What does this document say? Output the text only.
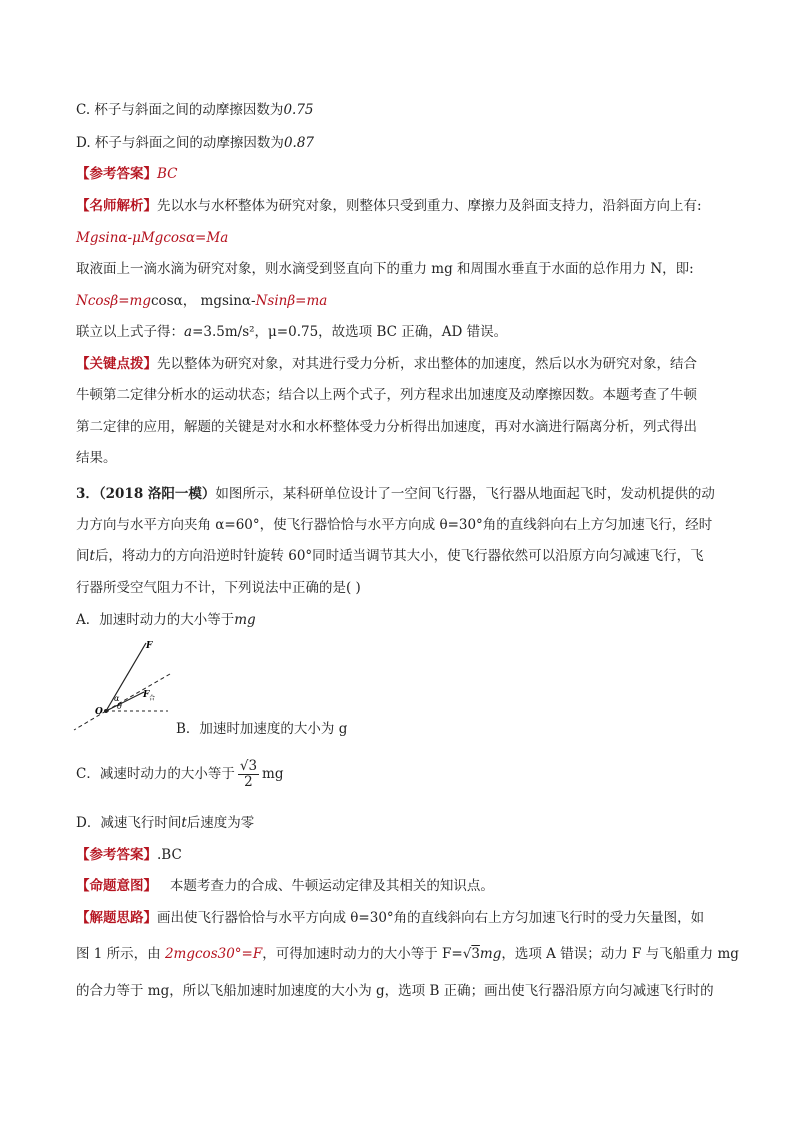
C. 杯子与斜面之间的动摩擦因数为0.75
D. 杯子与斜面之间的动摩擦因数为0.87
【参考答案】BC
【名师解析】先以水与水杯整体为研究对象，则整体只受到重力、摩擦力及斜面支持力，沿斜面方向上有:
Mgsinα-μMgcosα=Ma
取液面上一滴水滴为研究对象，则水滴受到竖直向下的重力 mg 和周围水垂直于水面的总作用力 N，即:
Ncosβ=mgcosα， mgsinα-Nsinβ=ma
联立以上式子得：a=3.5m/s²，μ=0.75，故选项 BC 正确，AD 错误。
【关键点拨】先以整体为研究对象，对其进行受力分析，求出整体的加速度，然后以水为研究对象，结合
牛顿第二定律分析水的运动状态；结合以上两个式子，列方程求出加速度及动摩擦因数。本题考查了牛顿
第二定律的应用，解题的关键是对水和水杯整体受力分析得出加速度，再对水滴进行隔离分析，列式得出
结果。
3．（2018 洛阳一模）如图所示，某科研单位设计了一空间飞行器，飞行器从地面起飞时，发动机提供的动
力方向与水平方向夹角 α=60°，使飞行器恰恰与水平方向成 θ=30°角的直线斜向右上方匀加速飞行，经时
间t后，将动力的方向沿逆时针旋转 60°同时适当调节其大小，使飞行器依然可以沿原方向匀减速飞行，飞
行器所受空气阻力不计，下列说法中正确的是( )
A．加速时动力的大小等于mg
F
F 合
O
α
θ
B．加速时加速度的大小为 g
C．减速时动力的大小等于 $\frac{√3}{2}$ mg
D．减速飞行时间t后速度为零
【参考答案】.BC
【命题意图】 本题考查力的合成、牛顿运动定律及其相关的知识点。
【解题思路】画出使飞行器恰恰与水平方向成 θ=30°角的直线斜向右上方匀加速飞行时的受力矢量图，如
图 1 所示，由 2mgcos30°=F，可得加速时动力的大小等于 F=√3mg，选项 A 错误；动力 F 与飞船重力 mg
的合力等于 mg，所以飞船加速时加速度的大小为 g，选项 B 正确；画出使飞行器沿原方向匀减速飞行时的
